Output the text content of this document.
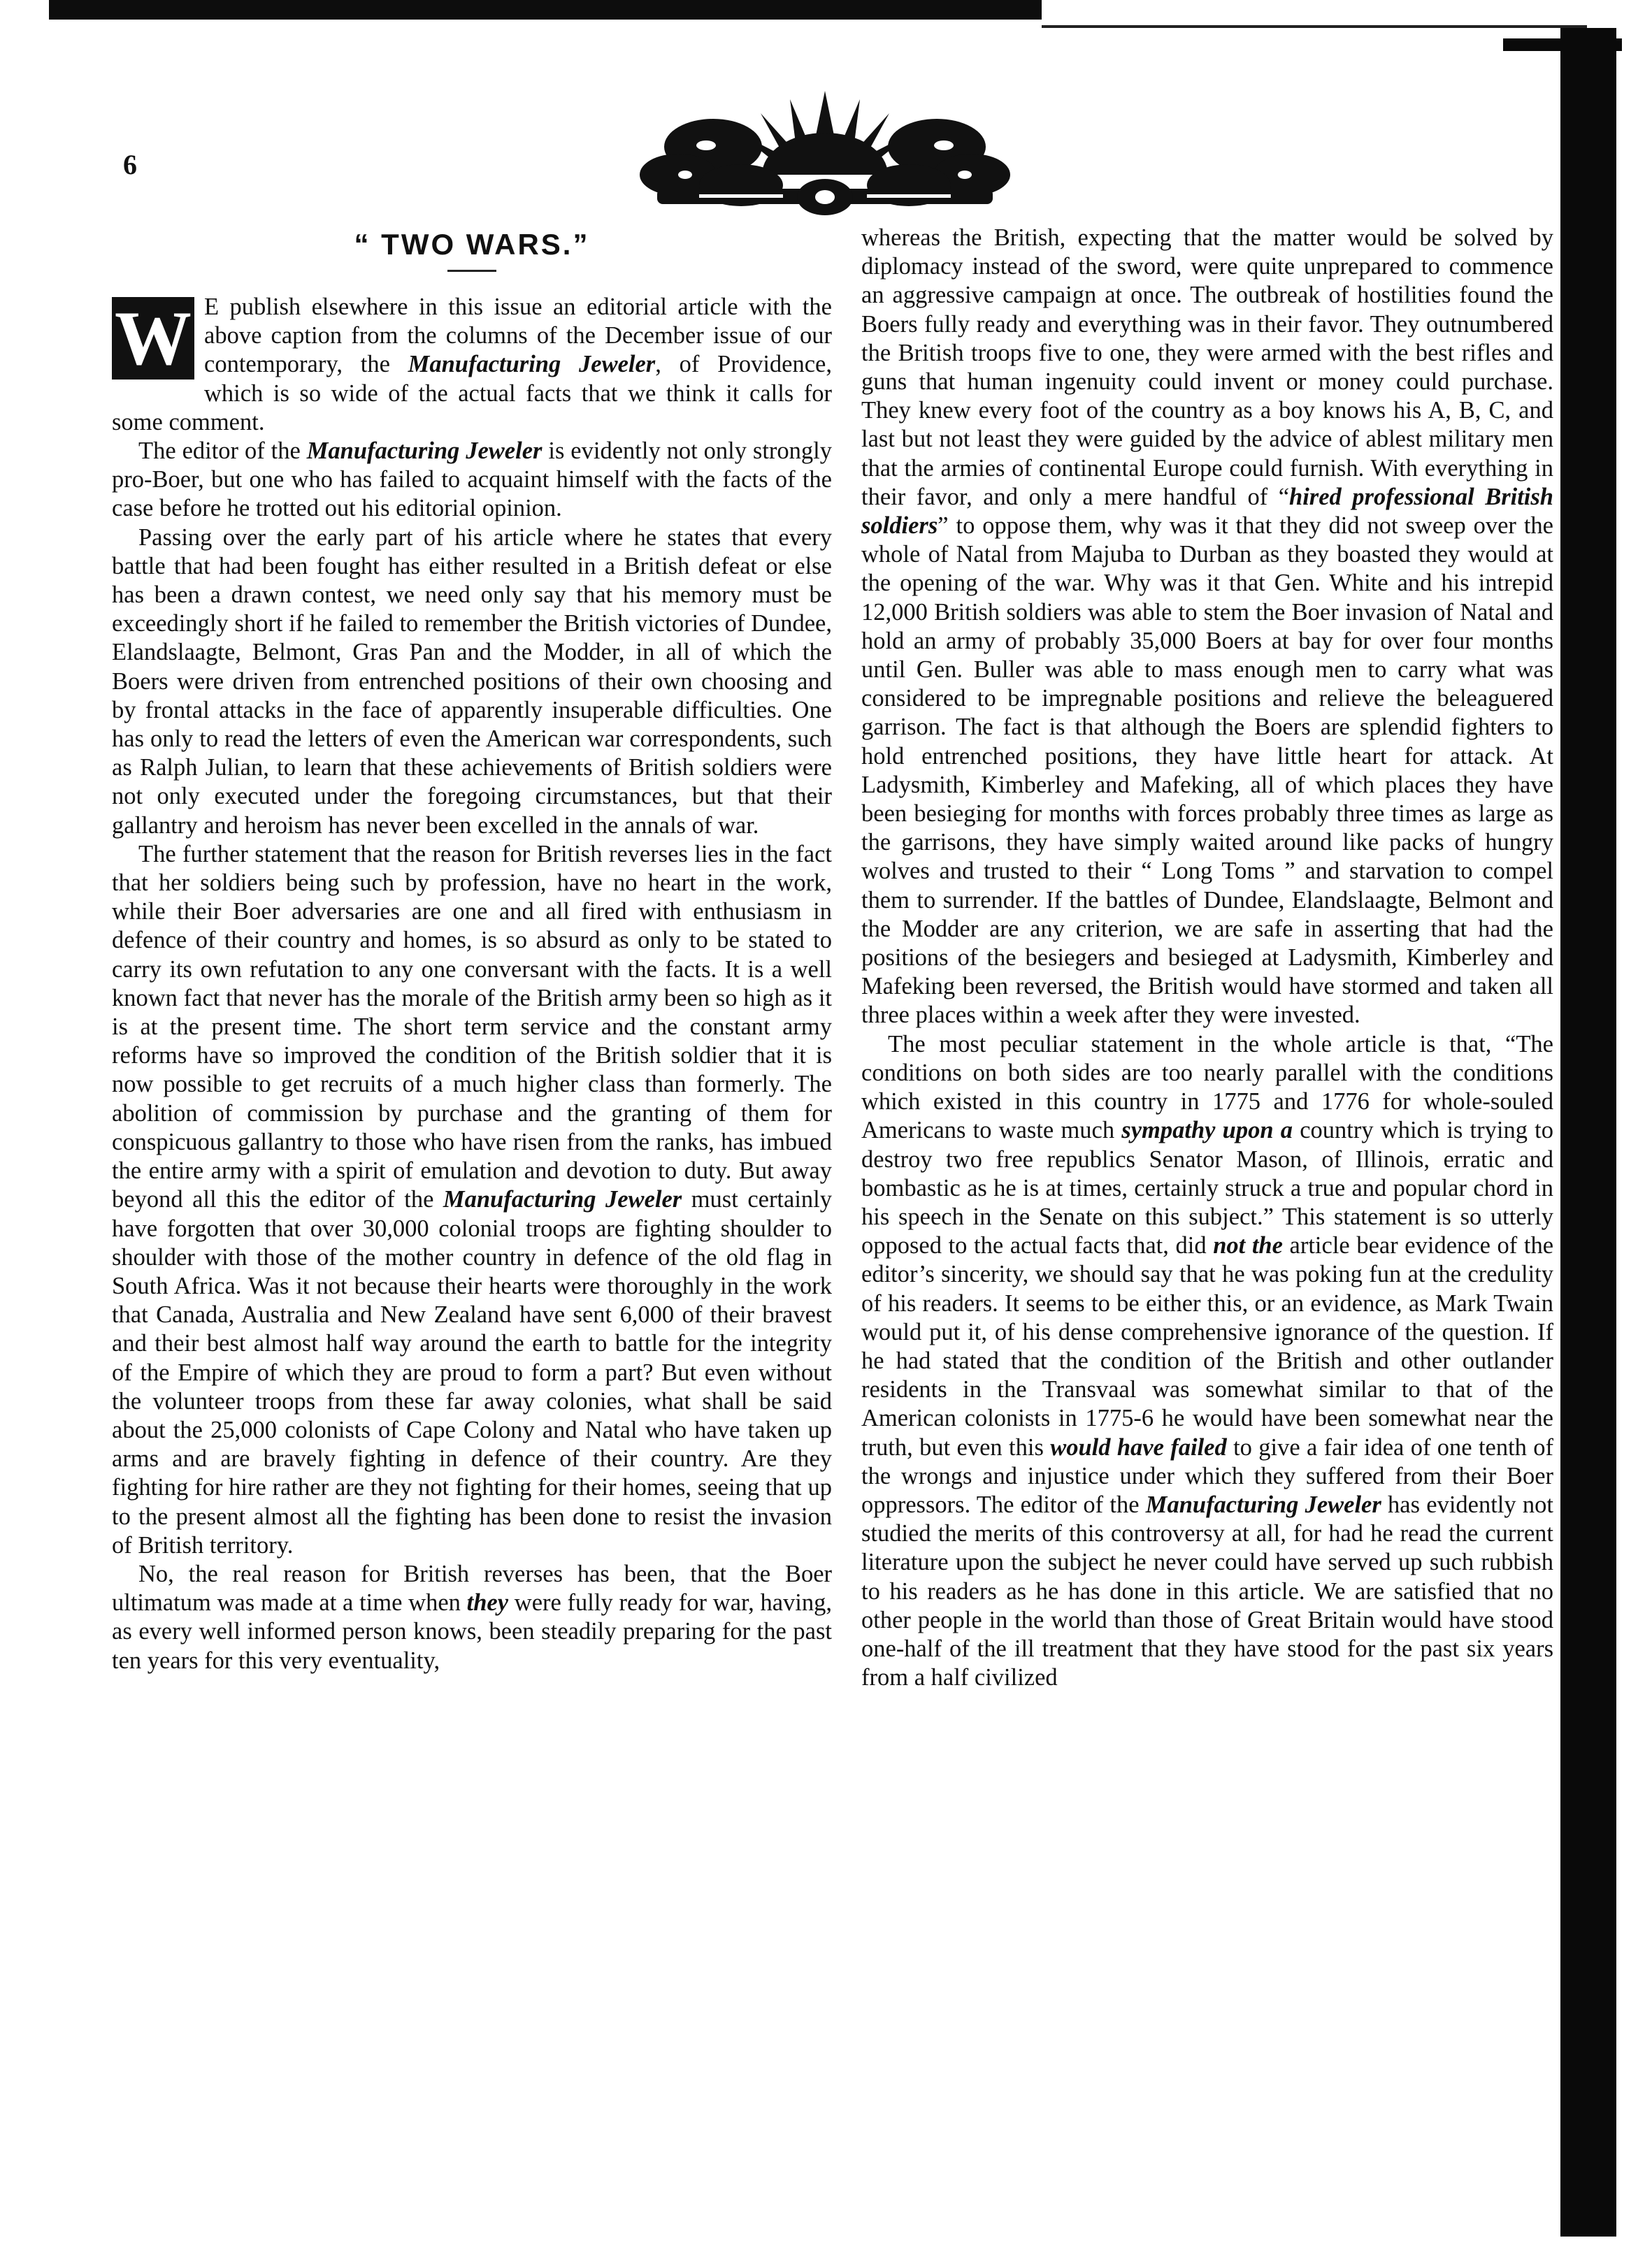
6
“ TWO WARS.”

W E publish elsewhere in this issue an editorial article with the above caption from the columns of the December issue of our contemporary, the Manufacturing Jeweler, of Providence, which is so wide of the actual facts that we think it calls for some comment.

The editor of the Manufacturing Jeweler is evidently not only strongly pro-Boer, but one who has failed to acquaint himself with the facts of the case before he trotted out his editorial opinion.

Passing over the early part of his article where he states that every battle that had been fought has either resulted in a British defeat or else has been a drawn contest, we need only say that his memory must be exceedingly short if he failed to remember the British victories of Dundee, Elandslaagte, Belmont, Gras Pan and the Modder, in all of which the Boers were driven from entrenched positions of their own choosing and by frontal attacks in the face of apparently insuperable difficulties. One has only to read the letters of even the American war correspondents, such as Ralph Julian, to learn that these achievements of British soldiers were not only executed under the foregoing circumstances, but that their gallantry and heroism has never been excelled in the annals of war.

The further statement that the reason for British reverses lies in the fact that her soldiers being such by profession, have no heart in the work, while their Boer adversaries are one and all fired with enthusiasm in defence of their country and homes, is so absurd as only to be stated to carry its own refutation to any one conversant with the facts. It is a well known fact that never has the morale of the British army been so high as it is at the present time. The short term service and the constant army reforms have so improved the condition of the British soldier that it is now possible to get recruits of a much higher class than formerly. The abolition of commission by purchase and the granting of them for conspicuous gallantry to those who have risen from the ranks, has imbued the entire army with a spirit of emulation and devotion to duty. But away beyond all this the editor of the Manufacturing Jeweler must certainly have forgotten that over 30,000 colonial troops are fighting shoulder to shoulder with those of the mother country in defence of the old flag in South Africa. Was it not because their hearts were thoroughly in the work that Canada, Australia and New Zealand have sent 6,000 of their bravest and their best almost half way around the earth to battle for the integrity of the Empire of which they are proud to form a part? But even without the volunteer troops from these far away colonies, what shall be said about the 25,000 colonists of Cape Colony and Natal who have taken up arms and are bravely fighting in defence of their country. Are they fighting for hire rather are they not fighting for their homes, seeing that up to the present almost all the fighting has been done to resist the invasion of British territory.

No, the real reason for British reverses has been, that the Boer ultimatum was made at a time when they were fully ready for war, having, as every well informed person knows, been steadily preparing for the past ten years for this very eventuality,

whereas the British, expecting that the matter would be solved by diplomacy instead of the sword, were quite unprepared to commence an aggressive campaign at once. The outbreak of hostilities found the Boers fully ready and everything was in their favor. They outnumbered the British troops five to one, they were armed with the best rifles and guns that human ingenuity could invent or money could purchase. They knew every foot of the country as a boy knows his A, B, C, and last but not least they were guided by the advice of ablest military men that the armies of continental Europe could furnish. With everything in their favor, and only a mere handful of “hired professional British soldiers” to oppose them, why was it that they did not sweep over the whole of Natal from Majuba to Durban as they boasted they would at the opening of the war. Why was it that Gen. White and his intrepid 12,000 British soldiers was able to stem the Boer invasion of Natal and hold an army of probably 35,000 Boers at bay for over four months until Gen. Buller was able to mass enough men to carry what was considered to be impregnable positions and relieve the beleaguered garrison. The fact is that although the Boers are splendid fighters to hold entrenched positions, they have little heart for attack. At Ladysmith, Kimberley and Mafeking, all of which places they have been besieging for months with forces probably three times as large as the garrisons, they have simply waited around like packs of hungry wolves and trusted to their “ Long Toms ” and starvation to compel them to surrender. If the battles of Dundee, Elandslaagte, Belmont and the Modder are any criterion, we are safe in asserting that had the positions of the besiegers and besieged at Ladysmith, Kimberley and Mafeking been reversed, the British would have stormed and taken all three places within a week after they were invested.

The most peculiar statement in the whole article is that, “The conditions on both sides are too nearly parallel with the conditions which existed in this country in 1775 and 1776 for whole-souled Americans to waste much sympathy upon a country which is trying to destroy two free republics Senator Mason, of Illinois, erratic and bombastic as he is at times, certainly struck a true and popular chord in his speech in the Senate on this subject.” This statement is so utterly opposed to the actual facts that, did not the article bear evidence of the editor’s sincerity, we should say that he was poking fun at the credulity of his readers. It seems to be either this, or an evidence, as Mark Twain would put it, of his dense comprehensive ignorance of the question. If he had stated that the condition of the British and other outlander residents in the Transvaal was somewhat similar to that of the American colonists in 1775-6 he would have been somewhat near the truth, but even this would have failed to give a fair idea of one tenth of the wrongs and injustice under which they suffered from their Boer oppressors. The editor of the Manufacturing Jeweler has evidently not studied the merits of this controversy at all, for had he read the current literature upon the subject he never could have served up such rubbish to his readers as he has done in this article. We are satisfied that no other people in the world than those of Great Britain would have stood one-half of the ill treatment that they have stood for the past six years from a half civilized
